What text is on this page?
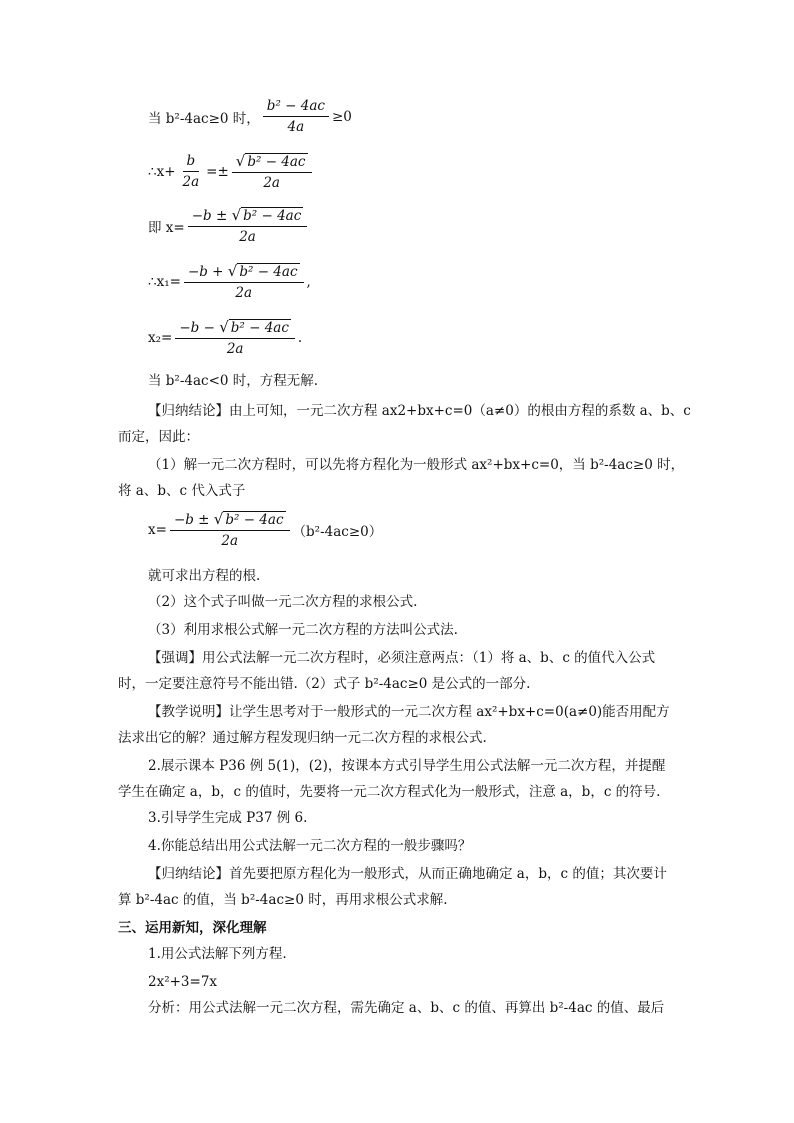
当 b²-4ac≥0 时， $\frac{\text{b² − 4ac}}{4a} \ge 0$
∴x+ $\frac{b}{2a} =\pm \frac{\text{√ b² − 4ac}}{2a}$
即 $x= \frac{\text{−b ± √ b² − 4ac}}{2a}$
∴x₁= $\frac{\text{−b + √ b² − 4ac}}{2a}$ ,
$x_2= \frac{\text{−b − √ b² − 4ac}}{2a}$ .
当 b²-4ac<0 时，方程无解.
【归纳结论】由上可知，一元二次方程 ax2+bx+c=0（a≠0）的根由方程的系数 a、b、c
而定，因此：
（1）解一元二次方程时，可以先将方程化为一般形式 ax²+bx+c=0，当 b²-4ac≥0 时，
将 a、b、c 代入式子
$x= \frac{\text{−b ± √ b² − 4ac}}{2a} (b^2-4ac\ge 0)$
就可求出方程的根.
（2）这个式子叫做一元二次方程的求根公式.
（3）利用求根公式解一元二次方程的方法叫公式法.
【强调】用公式法解一元二次方程时，必须注意两点：（1）将 a、b、c 的值代入公式
时，一定要注意符号不能出错.（2）式子 b²-4ac≥0 是公式的一部分.
【教学说明】让学生思考对于一般形式的一元二次方程 ax²+bx+c=0(a≠0)能否用配方
法求出它的解？通过解方程发现归纳一元二次方程的求根公式.
2.展示课本 P36 例 5(1)，(2)，按课本方式引导学生用公式法解一元二次方程，并提醒
学生在确定 a，b，c 的值时，先要将一元二次方程式化为一般形式，注意 a，b，c 的符号.
3.引导学生完成 P37 例 6.
4.你能总结出用公式法解一元二次方程的一般步骤吗？
【归纳结论】首先要把原方程化为一般形式，从而正确地确定 a，b，c 的值；其次要计
算 b²-4ac 的值，当 b²-4ac≥0 时，再用求根公式求解.
三、运用新知，深化理解
1.用公式法解下列方程.
2x²+3=7x
分析：用公式法解一元二次方程，需先确定 a、b、c 的值、再算出 b²-4ac 的值、最后
